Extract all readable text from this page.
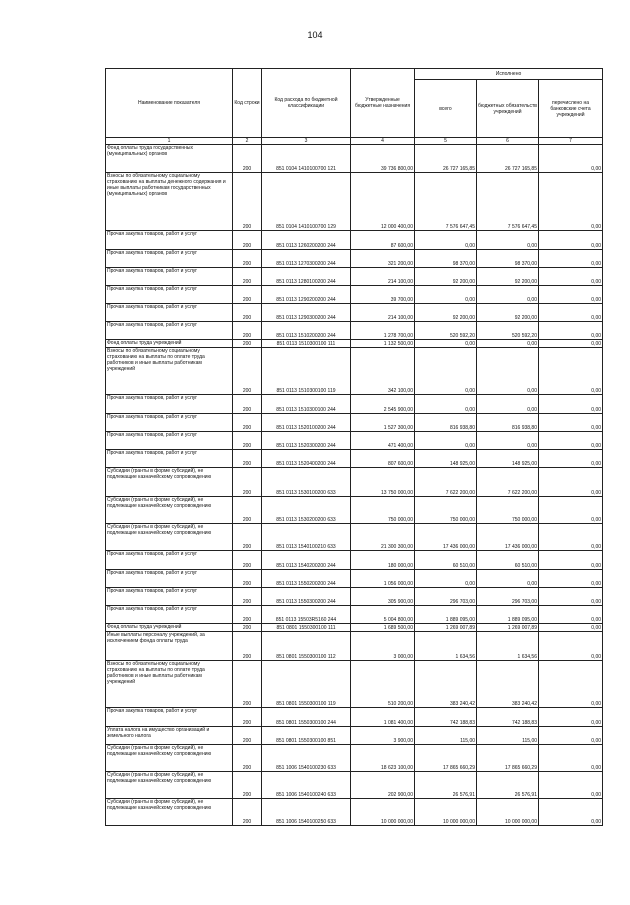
104
Наименование показателя	Код строки	Код расхода по бюджетной классификации	Утвержденные бюджетные назначения	Исполнено		
				всего	бюджетных обязательств учреждений	перечислено на банковские счета учреждений
1	2	3	4	5	6	7
Фонд оплаты труда государственных (муниципальных) органов	200	851 0104 1410100700 121	39 736 800,00	26 727 165,85	26 727 165,85	0,00
Взносы по обязательному социальному страхованию на выплаты денежного содержания и иные выплаты работникам государственных (муниципальных) органов	200	851 0104 1410100700 129	12 000 400,00	7 576 647,45	7 576 647,45	0,00
Прочая закупка товаров, работ и услуг	200	851 0113 1260200200 244	87 600,00	0,00	0,00	0,00
Прочая закупка товаров, работ и услуг	200	851 0113 1270300200 244	321 200,00	98 370,00	98 370,00	0,00
Прочая закупка товаров, работ и услуг	200	851 0113 1280100200 244	214 100,00	92 200,00	92 200,00	0,00
Прочая закупка товаров, работ и услуг	200	851 0113 1290200200 244	39 700,00	0,00	0,00	0,00
Прочая закупка товаров, работ и услуг	200	851 0113 1290300200 244	214 100,00	92 200,00	92 200,00	0,00
Прочая закупка товаров, работ и услуг	200	851 0113 1510200200 244	1 278 700,00	520 592,20	520 592,20	0,00
Фонд оплаты труда учреждений	200	851 0113 1510300100 111	1 132 500,00	0,00	0,00	0,00
Взносы по обязательному социальному страхованию на выплаты по оплате труда работников и иные выплаты работникам учреждений	200	851 0113 1510300100 119	342 100,00	0,00	0,00	0,00
Прочая закупка товаров, работ и услуг	200	851 0113 1510300100 244	2 545 900,00	0,00	0,00	0,00
Прочая закупка товаров, работ и услуг	200	851 0113 1520100200 244	1 527 300,00	816 938,80	816 938,80	0,00
Прочая закупка товаров, работ и услуг	200	851 0113 1520300200 244	471 400,00	0,00	0,00	0,00
Прочая закупка товаров, работ и услуг	200	851 0113 1520400200 244	807 600,00	148 925,00	148 925,00	0,00
Субсидии (гранты в форме субсидий), не подлежащие казначейскому сопровождению	200	851 0113 1530100200 633	13 750 000,00	7 622 200,00	7 622 200,00	0,00
Субсидии (гранты в форме субсидий), не подлежащие казначейскому сопровождению	200	851 0113 1530200200 633	750 000,00	750 000,00	750 000,00	0,00
Субсидии (гранты в форме субсидий), не подлежащие казначейскому сопровождению	200	851 0113 1540100210 633	21 300 300,00	17 436 000,00	17 436 000,00	0,00
Прочая закупка товаров, работ и услуг	200	851 0113 1540200200 244	180 000,00	60 510,00	60 510,00	0,00
Прочая закупка товаров, работ и услуг	200	851 0113 1550200200 244	1 056 000,00	0,00	0,00	0,00
Прочая закупка товаров, работ и услуг	200	851 0113 1550300200 244	305 900,00	296 703,00	296 703,00	0,00
Прочая закупка товаров, работ и услуг	200	851 0113 15503R5160 244	5 004 800,00	1 889 095,00	1 889 095,00	0,00
Фонд оплаты труда учреждений	200	851 0801 1550300100 111	1 689 500,00	1 269 007,89	1 269 007,89	0,00
Иные выплаты персоналу учреждений, за исключением фонда оплаты труда	200	851 0801 1550300100 112	3 000,00	1 634,56	1 634,56	0,00
Взносы по обязательному социальному страхованию на выплаты по оплате труда работников и иные выплаты работникам учреждений	200	851 0801 1550300100 119	510 200,00	383 240,42	383 240,42	0,00
Прочая закупка товаров, работ и услуг	200	851 0801 1550300100 244	1 081 400,00	742 188,83	742 188,83	0,00
Уплата налога на имущество организаций и земельного налога	200	851 0801 1550300100 851	3 900,00	115,00	115,00	0,00
Субсидии (гранты в форме субсидий), не подлежащие казначейскому сопровождению	200	851 1006 1540100230 633	18 623 100,00	17 865 660,29	17 865 660,29	0,00
Субсидии (гранты в форме субсидий), не подлежащие казначейскому сопровождению	200	851 1006 1540100240 633	202 900,00	26 576,91	26 576,91	0,00
Субсидии (гранты в форме субсидий), не подлежащие казначейскому сопровождению	200	851 1006 1540100250 633	10 000 000,00	10 000 000,00	10 000 000,00	0,00
